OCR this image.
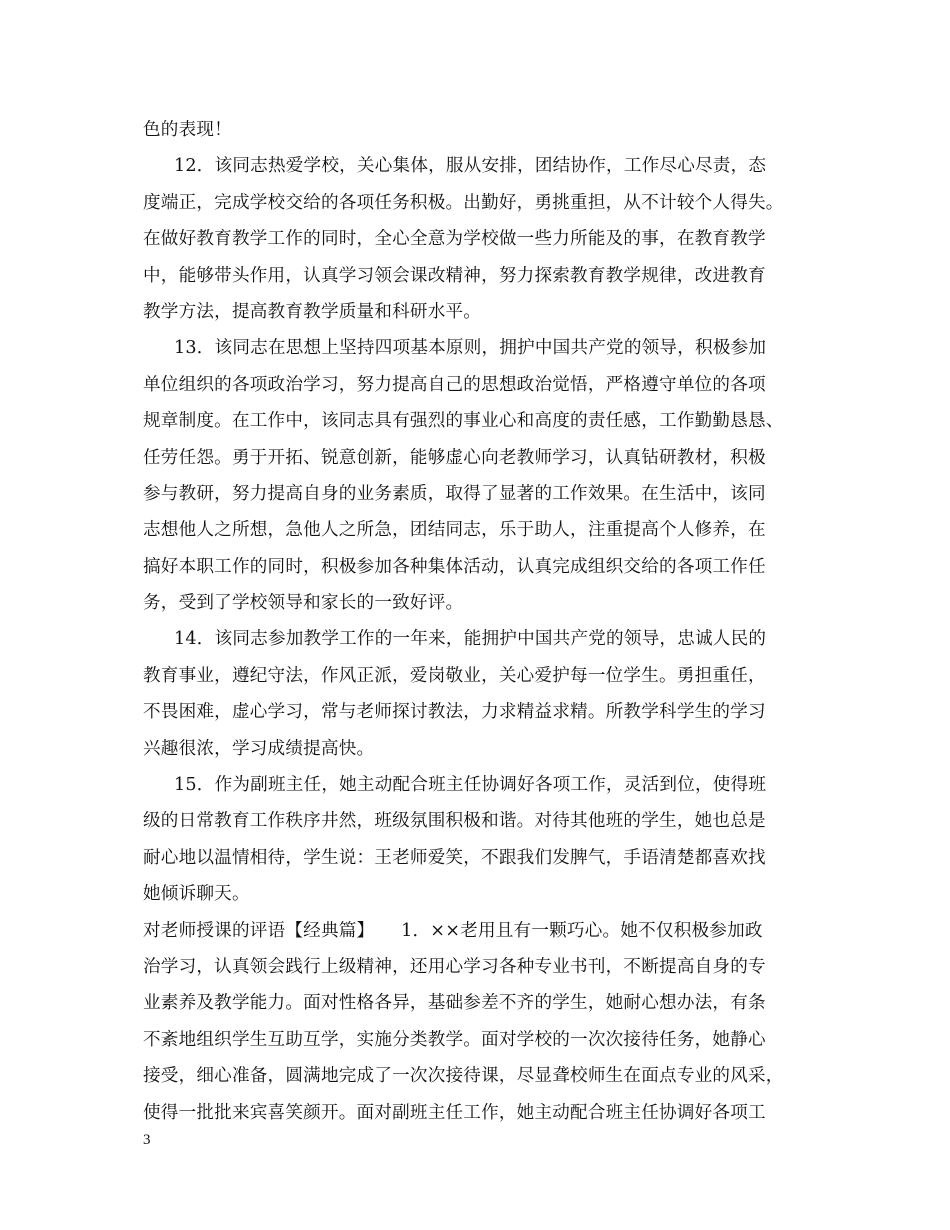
色的表现！
12．该同志热爱学校，关心集体，服从安排，团结协作，工作尽心尽责，态
度端正，完成学校交给的各项任务积极。出勤好，勇挑重担，从不计较个人得失。
在做好教育教学工作的同时，全心全意为学校做一些力所能及的事，在教育教学
中，能够带头作用，认真学习领会课改精神，努力探索教育教学规律，改进教育
教学方法，提高教育教学质量和科研水平。
13．该同志在思想上坚持四项基本原则，拥护中国共产党的领导，积极参加
单位组织的各项政治学习，努力提高自己的思想政治觉悟，严格遵守单位的各项
规章制度。在工作中，该同志具有强烈的事业心和高度的责任感，工作勤勤恳恳、
任劳任怨。勇于开拓、锐意创新，能够虚心向老教师学习，认真钻研教材，积极
参与教研，努力提高自身的业务素质，取得了显著的工作效果。在生活中，该同
志想他人之所想，急他人之所急，团结同志，乐于助人，注重提高个人修养，在
搞好本职工作的同时，积极参加各种集体活动，认真完成组织交给的各项工作任
务，受到了学校领导和家长的一致好评。
14．该同志参加教学工作的一年来，能拥护中国共产党的领导，忠诚人民的
教育事业，遵纪守法，作风正派，爱岗敬业，关心爱护每一位学生。勇担重任，
不畏困难，虚心学习，常与老师探讨教法，力求精益求精。所教学科学生的学习
兴趣很浓，学习成绩提高快。
15．作为副班主任，她主动配合班主任协调好各项工作，灵活到位，使得班
级的日常教育工作秩序井然，班级氛围积极和谐。对待其他班的学生，她也总是
耐心地以温情相待，学生说：王老师爱笑，不跟我们发脾气，手语清楚都喜欢找
她倾诉聊天。
对老师授课的评语【经典篇】　　1．××老用且有一颗巧心。她不仅积极参加政
治学习，认真领会践行上级精神，还用心学习各种专业书刊，不断提高自身的专
业素养及教学能力。面对性格各异，基础参差不齐的学生，她耐心想办法，有条
不紊地组织学生互助互学，实施分类教学。面对学校的一次次接待任务，她静心
接受，细心准备，圆满地完成了一次次接待课，尽显聋校师生在面点专业的风采，
使得一批批来宾喜笑颜开。面对副班主任工作，她主动配合班主任协调好各项工
3
